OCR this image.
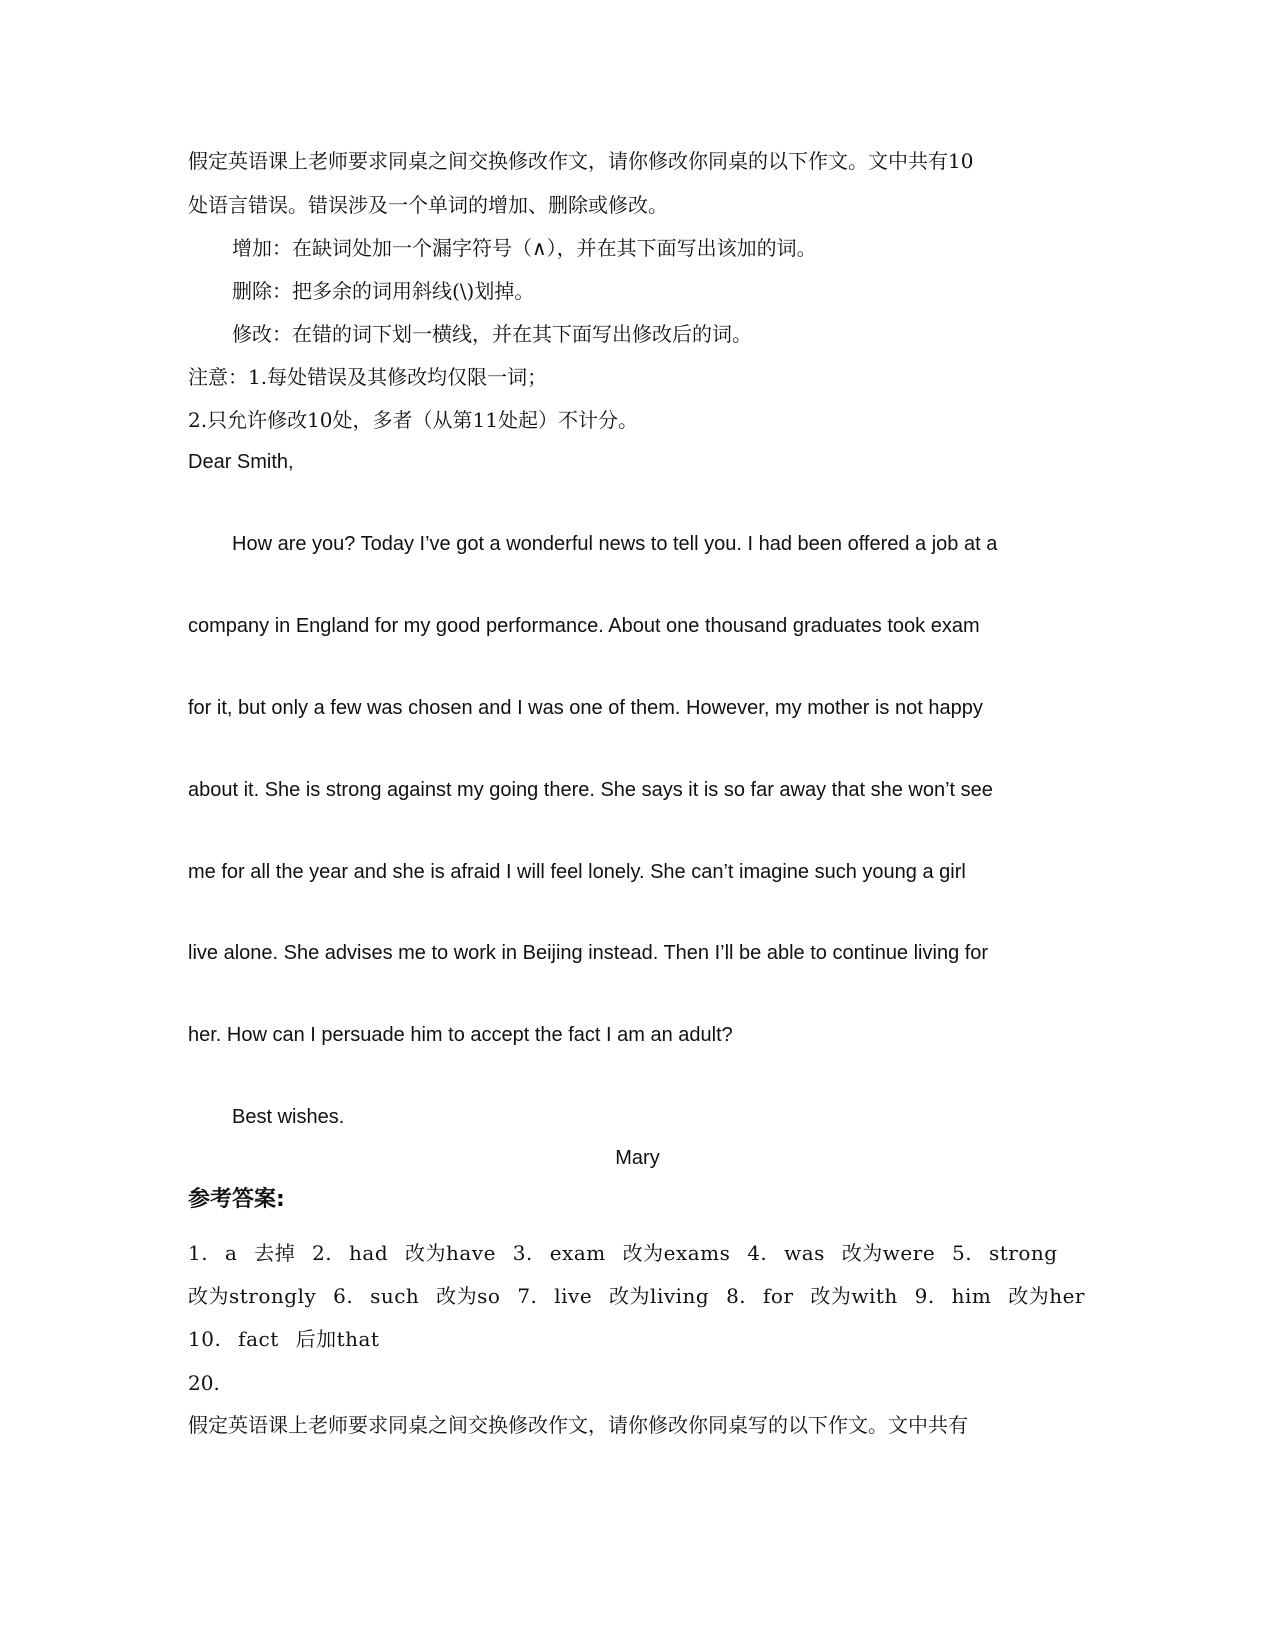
假定英语课上老师要求同桌之间交换修改作文，请你修改你同桌的以下作文。文中共有10
处语言错误。错误涉及一个单词的增加、删除或修改。
增加：在缺词处加一个漏字符号（∧），并在其下面写出该加的词。
删除：把多余的词用斜线(\)划掉。
修改：在错的词下划一横线，并在其下面写出修改后的词。
注意：1.每处错误及其修改均仅限一词；
2.只允许修改10处，多者（从第11处起）不计分。
Dear Smith,
How are you? Today I’ve got a wonderful news to tell you. I had been offered a job at a
company in England for my good performance. About one thousand graduates took exam
for it, but only a few was chosen and I was one of them. However, my mother is not happy
about it. She is strong against my going there. She says it is so far away that she won’t see
me for all the year and she is afraid I will feel lonely. She can’t imagine such young a girl
live alone. She advises me to work in Beijing instead. Then I’ll be able to continue living for
her. How can I persuade him to accept the fact I am an adult?
Best wishes.
Mary
参考答案:
1. a 去掉 2. had 改为have 3. exam 改为exams 4. was 改为were 5. strong
改为strongly 6. such 改为so 7. live 改为living 8. for 改为with 9. him 改为her
10. fact 后加that
20.
假定英语课上老师要求同桌之间交换修改作文，请你修改你同桌写的以下作文。文中共有
